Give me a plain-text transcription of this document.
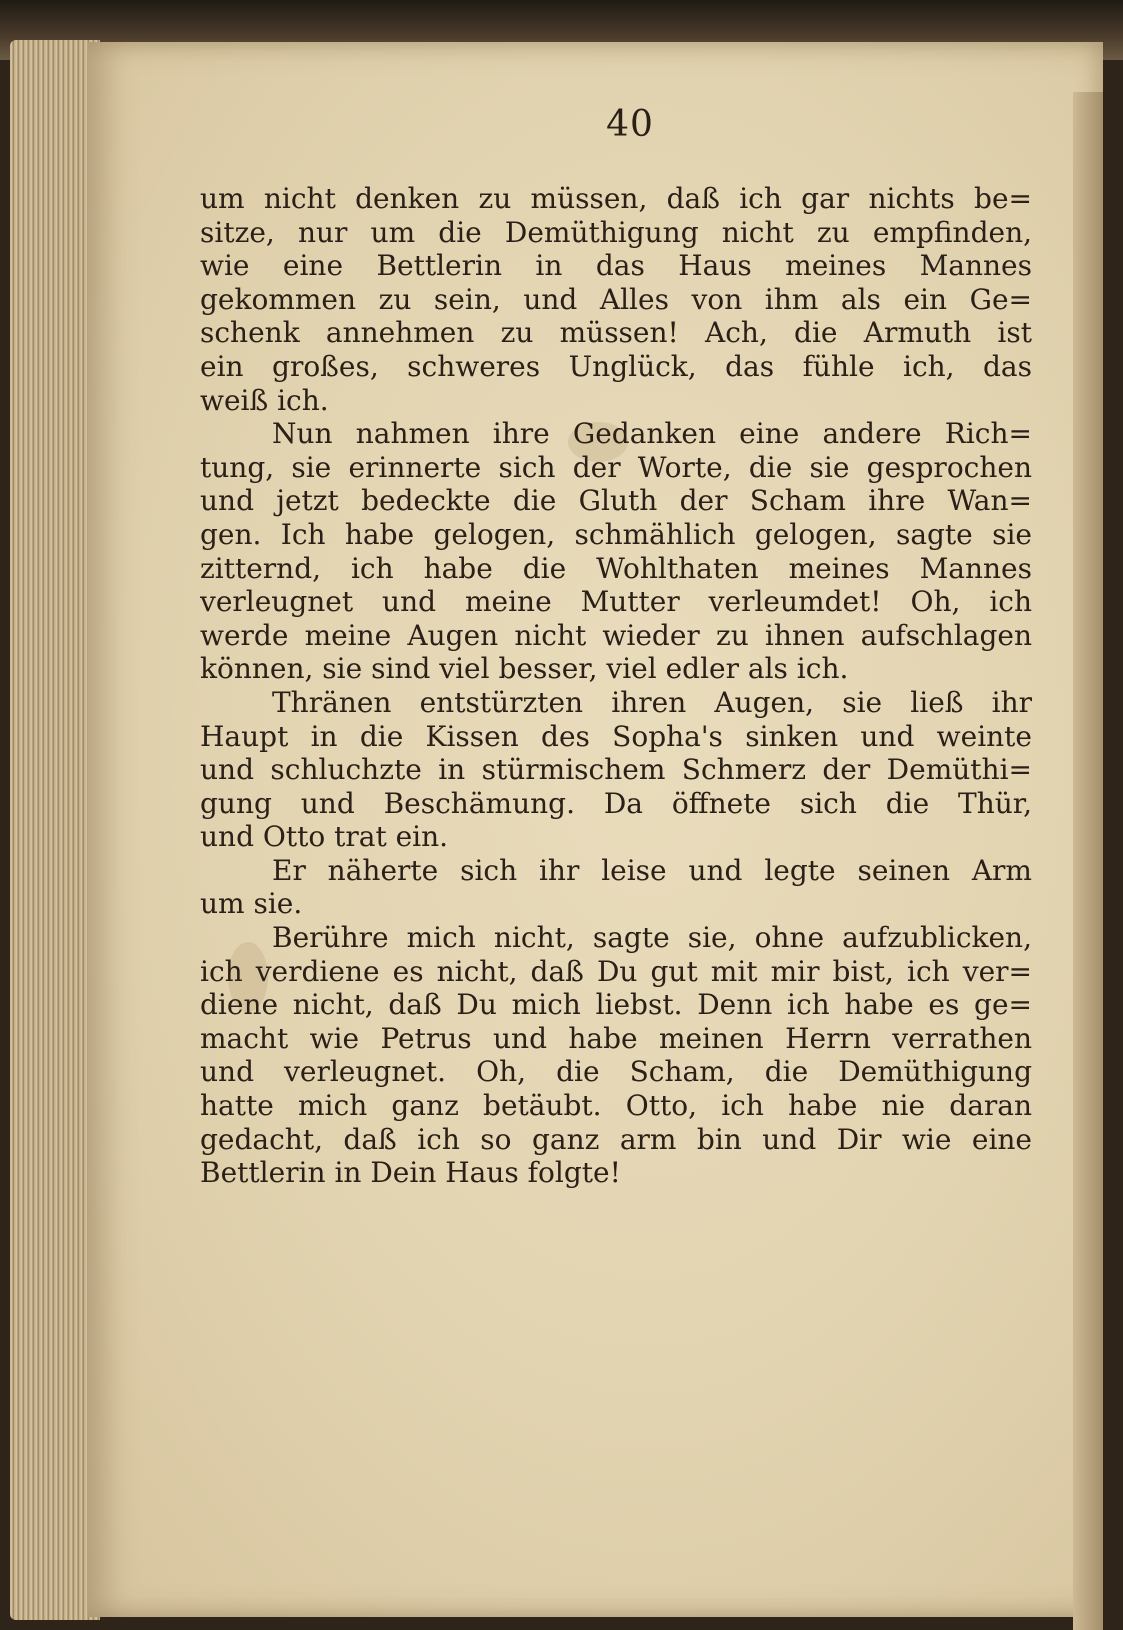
40
um nicht denken zu müssen, daß ich gar nichts be=
sitze, nur um die Demüthigung nicht zu empfinden,
wie eine Bettlerin in das Haus meines Mannes
gekommen zu sein, und Alles von ihm als ein Ge=
schenk annehmen zu müssen! Ach, die Armuth ist
ein großes, schweres Unglück, das fühle ich, das
weiß ich.
Nun nahmen ihre Gedanken eine andere Rich=
tung, sie erinnerte sich der Worte, die sie gesprochen
und jetzt bedeckte die Gluth der Scham ihre Wan=
gen. Ich habe gelogen, schmählich gelogen, sagte sie
zitternd, ich habe die Wohlthaten meines Mannes
verleugnet und meine Mutter verleumdet! Oh, ich
werde meine Augen nicht wieder zu ihnen aufschlagen
können, sie sind viel besser, viel edler als ich.
Thränen entstürzten ihren Augen, sie ließ ihr
Haupt in die Kissen des Sopha's sinken und weinte
und schluchzte in stürmischem Schmerz der Demüthi=
gung und Beschämung. Da öffnete sich die Thür,
und Otto trat ein.
Er näherte sich ihr leise und legte seinen Arm
um sie.
Berühre mich nicht, sagte sie, ohne aufzublicken,
ich verdiene es nicht, daß Du gut mit mir bist, ich ver=
diene nicht, daß Du mich liebst. Denn ich habe es ge=
macht wie Petrus und habe meinen Herrn verrathen
und verleugnet. Oh, die Scham, die Demüthigung
hatte mich ganz betäubt. Otto, ich habe nie daran
gedacht, daß ich so ganz arm bin und Dir wie eine
Bettlerin in Dein Haus folgte!
